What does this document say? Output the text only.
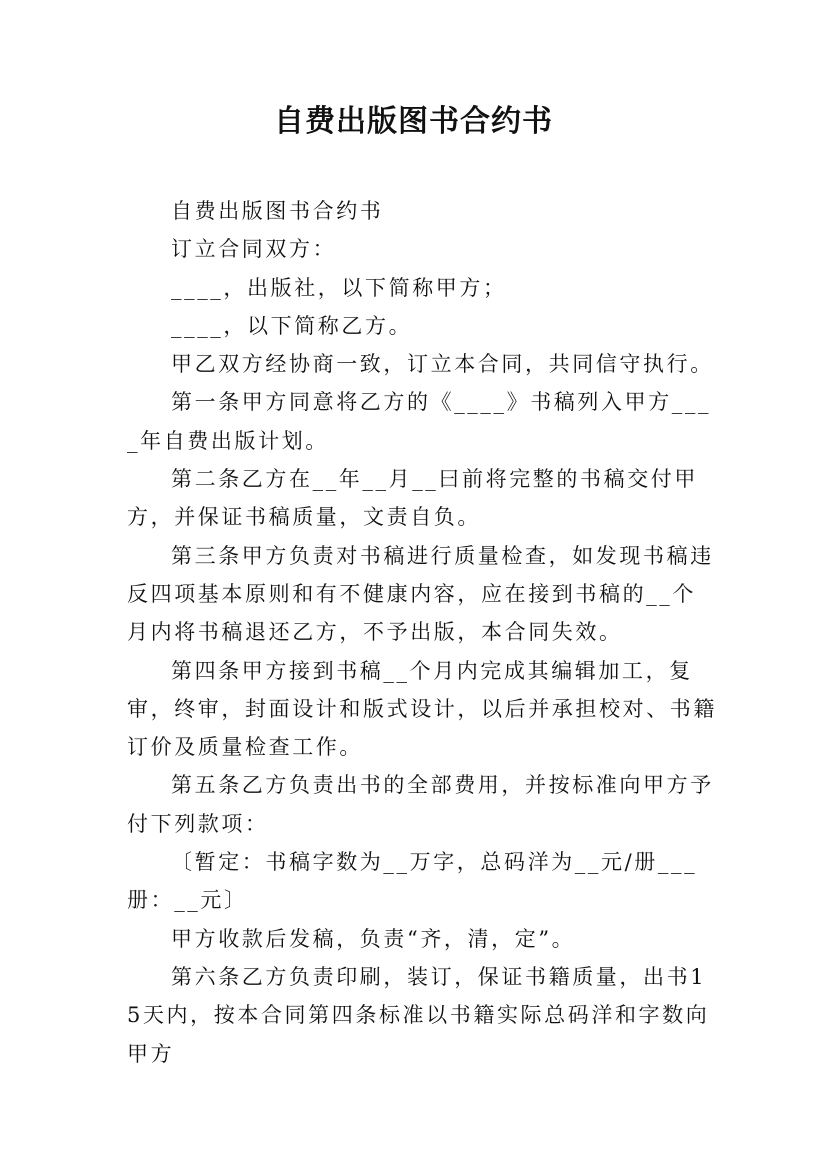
自费出版图书合约书

自费出版图书合约书

订立合同双方：

____，出版社，以下简称甲方；

____，以下简称乙方。

甲乙双方经协商一致，订立本合同，共同信守执行。

第一条甲方同意将乙方的《____》书稿列入甲方____年自费出版计划。

第二条乙方在__年__月__曰前将完整的书稿交付甲方，并保证书稿质量，文责自负。

第三条甲方负责对书稿进行质量检查，如发现书稿违反四项基本原则和有不健康内容，应在接到书稿的__个月内将书稿退还乙方，不予出版，本合同失效。

第四条甲方接到书稿__个月内完成其编辑加工，复审，终审，封面设计和版式设计，以后并承担校对、书籍订价及质量检查工作。

第五条乙方负责出书的全部费用，并按标准向甲方予付下列款项：

〔暂定：书稿字数为__万字，总码洋为__元/册___册：__元〕

甲方收款后发稿，负责“齐，清，定”。

第六条乙方负责印刷，装订，保证书籍质量，出书15天内，按本合同第四条标准以书籍实际总码洋和字数向甲方
